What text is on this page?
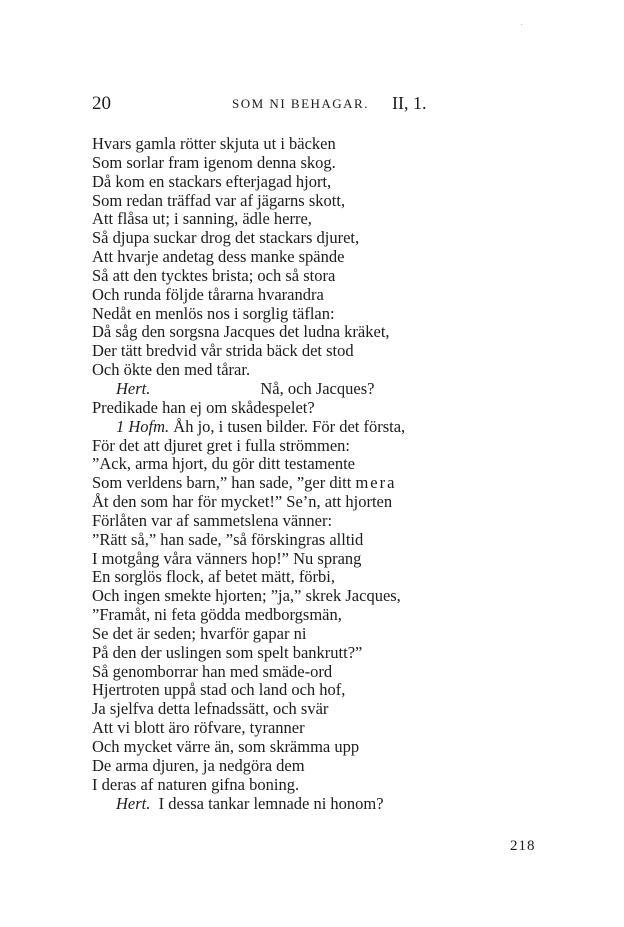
·
20	SOM NI BEHAGAR. II, 1.
Hvars gamla rötter skjuta ut i bäcken
Som sorlar fram igenom denna skog.
Då kom en stackars efterjagad hjort,
Som redan träffad var af jägarns skott,
Att flåsa ut; i sanning, ädle herre,
Så djupa suckar drog det stackars djuret,
Att hvarje andetag dess manke spände
Så att den tycktes brista; och så stora
Och runda följde tårarna hvarandra
Nedåt en menlös nos i sorglig täflan:
Då såg den sorgsna Jacques det ludna kräket,
Der tätt bredvid vår strida bäck det stod
Och ökte den med tårar.
Hert.	Nå, och Jacques?
Predikade han ej om skådespelet?
1 Hofm. Åh jo, i tusen bilder. För det första,
För det att djuret gret i fulla strömmen:
”Ack, arma hjort, du gör ditt testamente
Som verldens barn,” han sade, ”ger ditt mera
Åt den som har för mycket!” Se’n, att hjorten
Förlåten var af sammetslena vänner:
”Rätt så,” han sade, ”så förskingras alltid
I motgång våra vänners hop!” Nu sprang
En sorglös flock, af betet mätt, förbi,
Och ingen smekte hjorten; ”ja,” skrek Jacques,
”Framåt, ni feta gödda medborgsmän,
Se det är seden; hvarför gapar ni
På den der uslingen som spelt bankrutt?”
Så genomborrar han med smäde-ord
Hjertroten uppå stad och land och hof,
Ja sjelfva detta lefnadssätt, och svär
Att vi blott äro röfvare, tyranner
Och mycket värre än, som skrämma upp
De arma djuren, ja nedgöra dem
I deras af naturen gifna boning.
Hert. I dessa tankar lemnade ni honom?
218
